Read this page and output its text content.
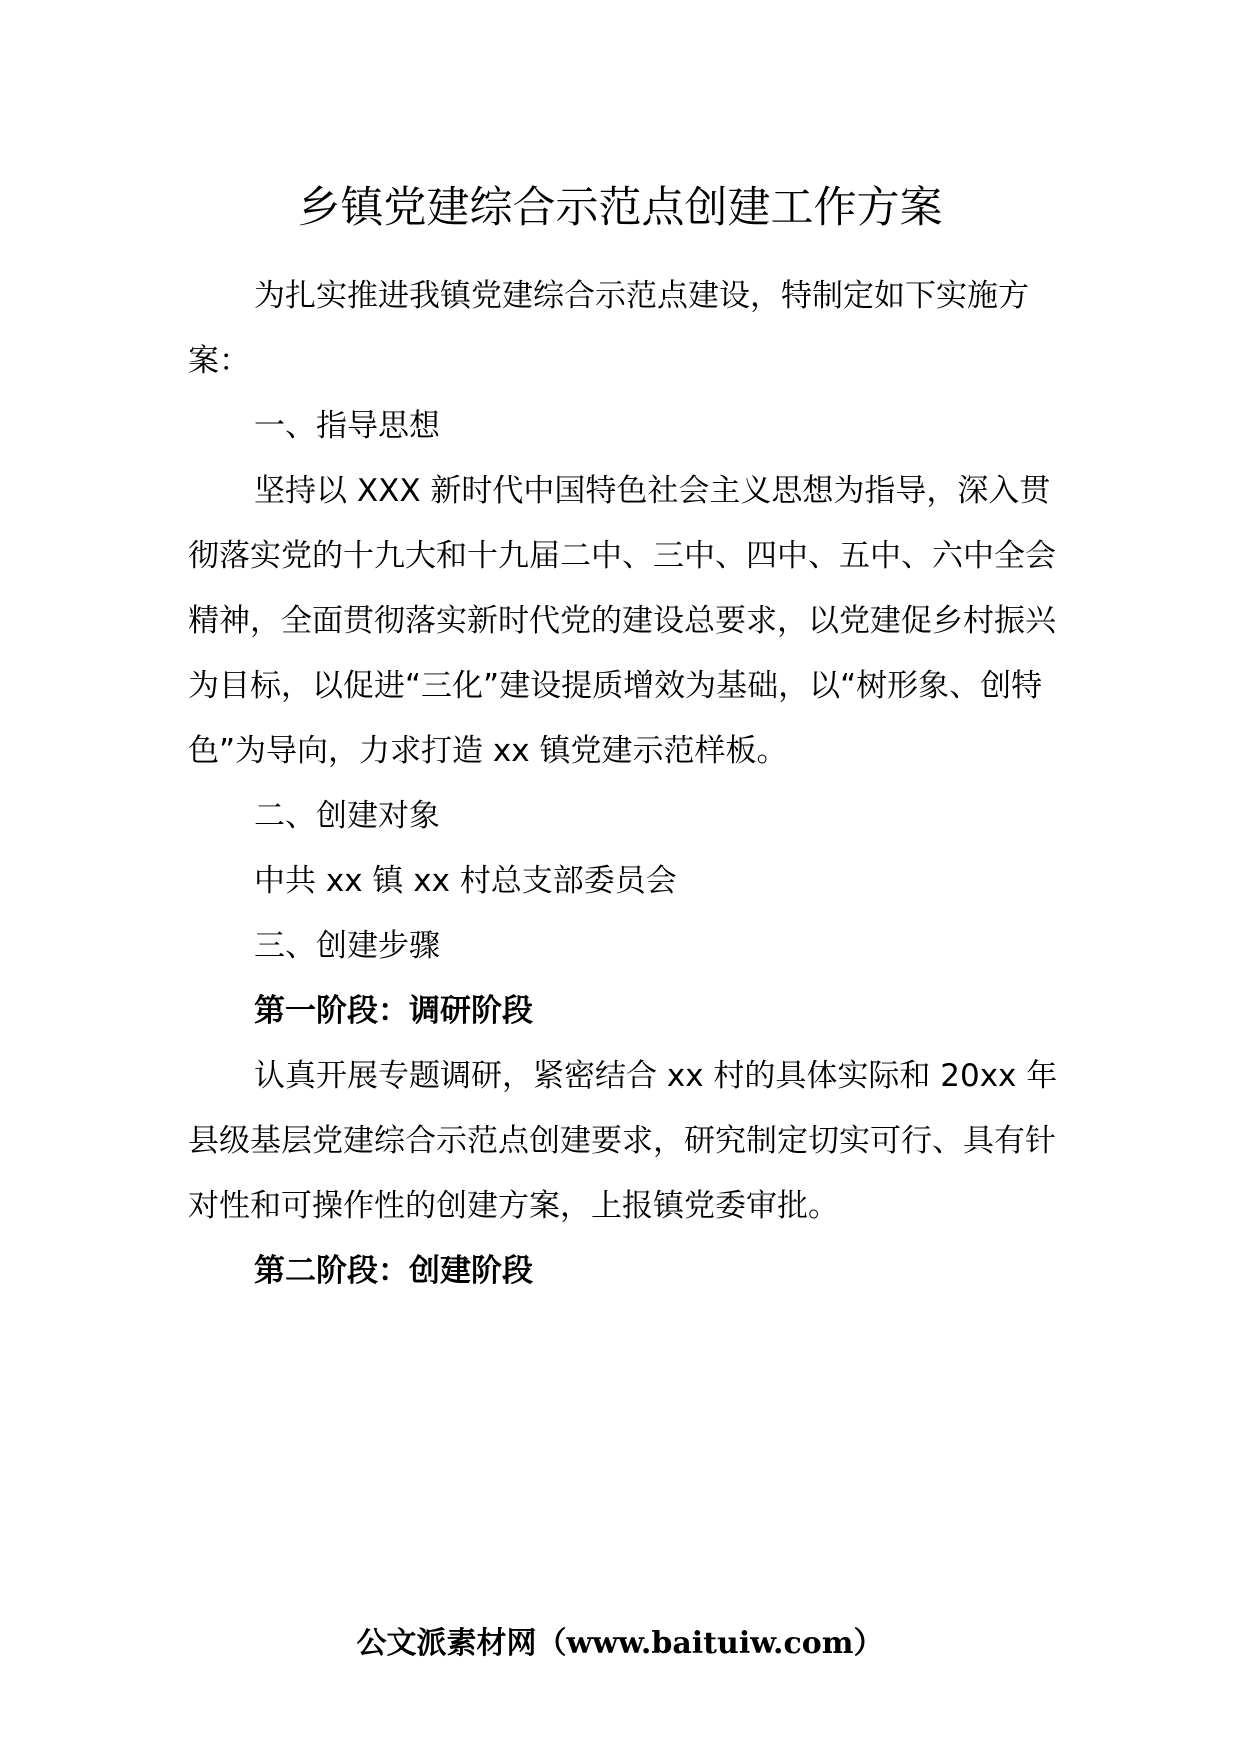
乡镇党建综合示范点创建工作方案

为扎实推进我镇党建综合示范点建设，特制定如下实施方案：

一、指导思想

坚持以 XXX 新时代中国特色社会主义思想为指导，深入贯彻落实党的十九大和十九届二中、三中、四中、五中、六中全会精神，全面贯彻落实新时代党的建设总要求，以党建促乡村振兴为目标，以促进“三化”建设提质增效为基础，以“树形象、创特色”为导向，力求打造 xx 镇党建示范样板。

二、创建对象

中共 xx 镇 xx 村总支部委员会

三、创建步骤

第一阶段：调研阶段

认真开展专题调研，紧密结合 xx 村的具体实际和 20xx 年县级基层党建综合示范点创建要求，研究制定切实可行、具有针对性和可操作性的创建方案，上报镇党委审批。

第二阶段：创建阶段

公文派素材网（www.baituiw.com）
